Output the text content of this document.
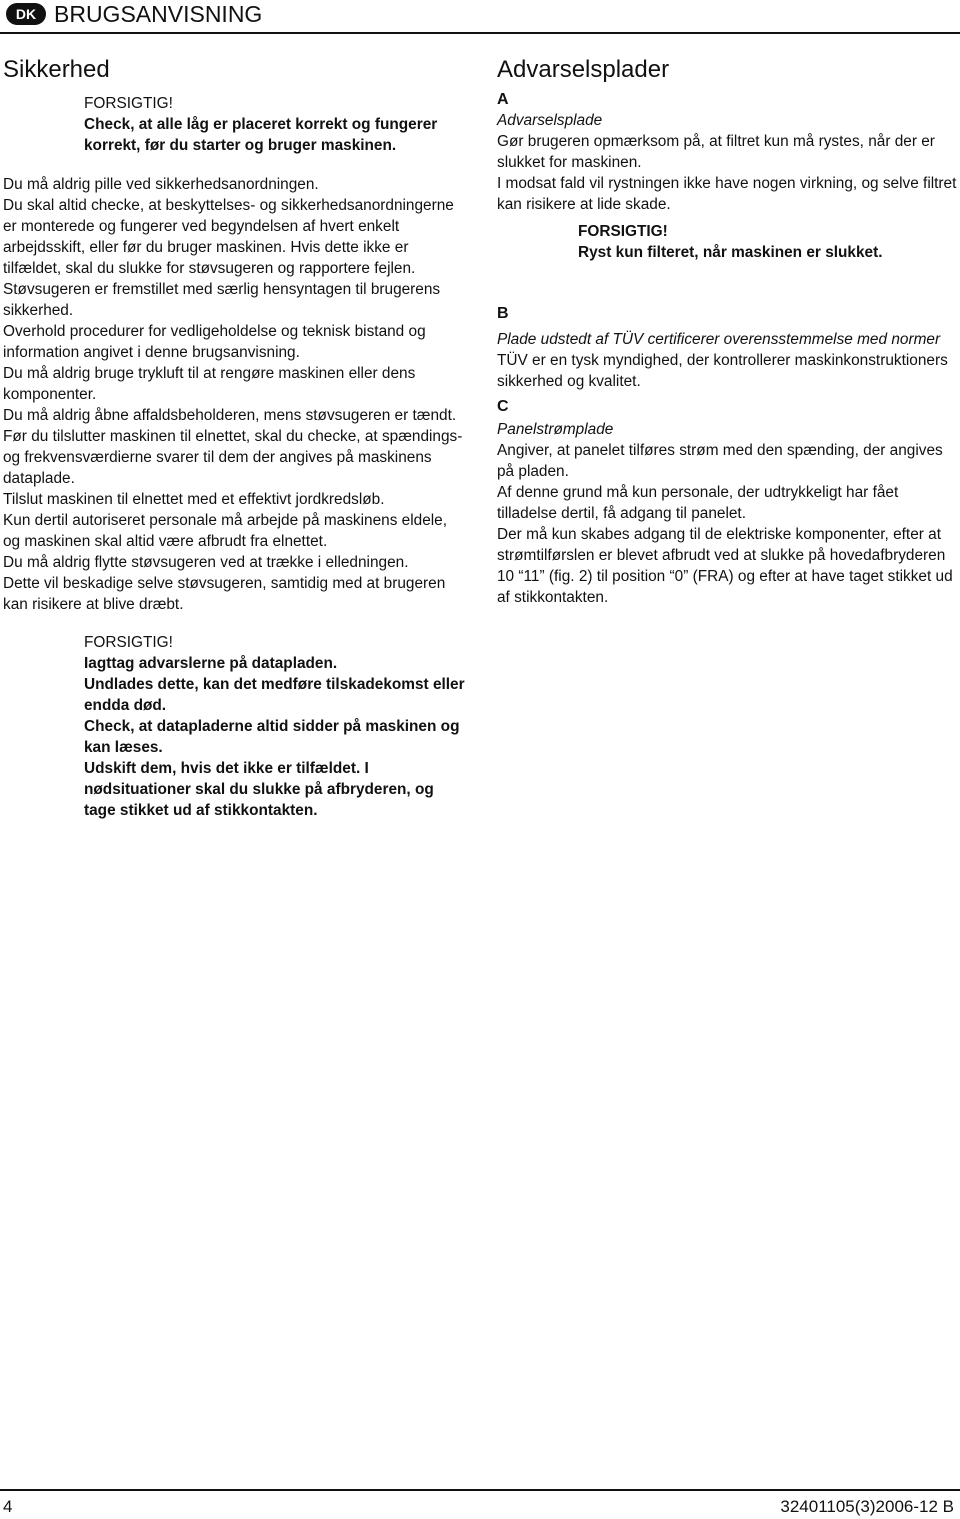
DK BRUGSANVISNING
Sikkerhed

FORSIGTIG!

Check, at alle låg er placeret korrekt og fungerer korrekt, før du starter og bruger maskinen.

Du må aldrig pille ved sikkerhedsanordningen.

Du skal altid checke, at beskyttelses- og sikkerhedsanordningerne er monterede og fungerer ved begyndelsen af hvert enkelt arbejdsskift, eller før du bruger maskinen. Hvis dette ikke er tilfældet, skal du slukke for støvsugeren og rapportere fejlen.

Støvsugeren er fremstillet med særlig hensyntagen til brugerens sikkerhed.

Overhold procedurer for vedligeholdelse og teknisk bistand og information angivet i denne brugsanvisning.

Du må aldrig bruge trykluft til at rengøre maskinen eller dens komponenter.

Du må aldrig åbne affaldsbeholderen, mens støvsugeren er tændt.

Før du tilslutter maskinen til elnettet, skal du checke, at spændings- og frekvensværdierne svarer til dem der angives på maskinens dataplade.

Tilslut maskinen til elnettet med et effektivt jordkredsløb.

Kun dertil autoriseret personale må arbejde på maskinens eldele, og maskinen skal altid være afbrudt fra elnettet.

Du må aldrig flytte støvsugeren ved at trække i elledningen.

Dette vil beskadige selve støvsugeren, samtidig med at brugeren kan risikere at blive dræbt.

FORSIGTIG!

Iagttag advarslerne på datapladen.

Undlades dette, kan det medføre tilskadekomst eller endda død.

Check, at datapladerne altid sidder på maskinen og kan læses.

Udskift dem, hvis det ikke er tilfældet. I nødsituationer skal du slukke på afbryderen, og tage stikket ud af stikkontakten.

Advarselsplader

A

Advarselsplade

Gør brugeren opmærksom på, at filtret kun må rystes, når der er slukket for maskinen.

I modsat fald vil rystningen ikke have nogen virkning, og selve filtret kan risikere at lide skade.

FORSIGTIG!

Ryst kun filteret, når maskinen er slukket.

B

Plade udstedt af TÜV certificerer overensstemmelse med normer

TÜV er en tysk myndighed, der kontrollerer maskinkonstruktioners sikkerhed og kvalitet.

C

Panelstrømplade

Angiver, at panelet tilføres strøm med den spænding, der angives på pladen.

Af denne grund må kun personale, der udtrykkeligt har fået tilladelse dertil, få adgang til panelet.

Der må kun skabes adgang til de elektriske komponenter, efter at strømtilførslen er blevet afbrudt ved at slukke på hovedafbryderen 10 “11” (fig. 2) til position “0” (FRA) og efter at have taget stikket ud af stikkontakten.

4	32401105(3)2006-12 B
